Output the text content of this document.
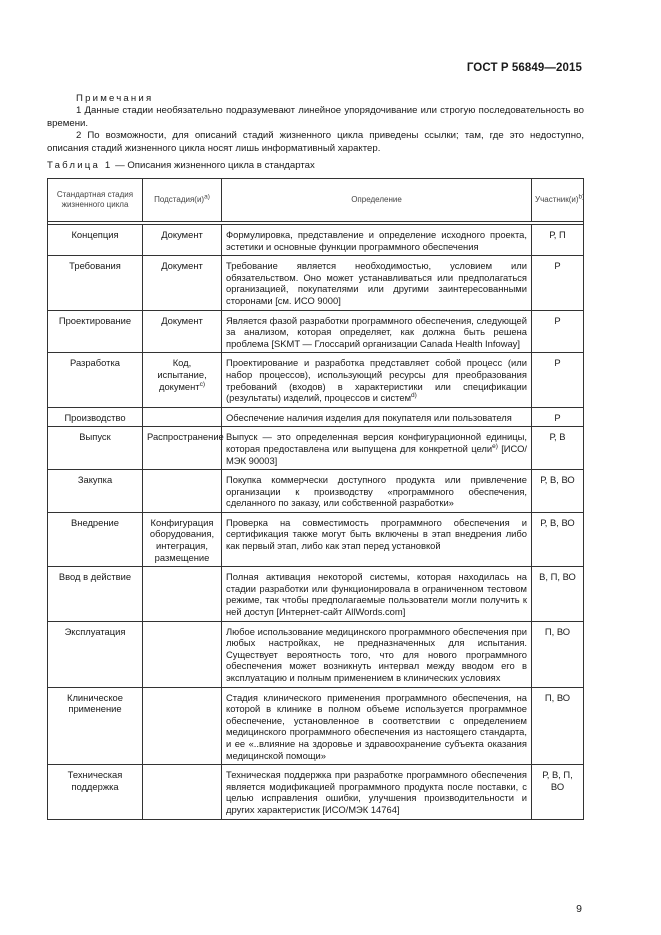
ГОСТ Р 56849—2015
Примечания

1 Данные стадии необязательно подразумевают линейное упорядочивание или строгую последовательность во времени.

2 По возможности, для описаний стадий жизненного цикла приведены ссылки; там, где это недоступно, описания стадий жизненного цикла носят лишь информативный характер.

Таблица 1 — Описания жизненного цикла в стандартах
Стандартная стадия жизненного цикла	$Подстадия(и)^{a)}$	Определение	$Участник(и)^{b)}$

Концепция	Документ	Формулировка, представление и определение исходного проекта, эстетики и основные функции программного обеспечения	Р, П
Требования	Документ	Требование является необходимостью, условием или обязательством. Оно может устанавливаться или предполагаться организацией, покупателями или другими заинтересованными сторонами [см. ИСО 9000]	Р
Проектирование	Документ	Является фазой разработки программного обеспечения, следующей за анализом, которая определяет, как должна быть решена проблема [SKMT — Глоссарий организации Canada Health Infoway]	Р
Разработка	Код, испытание, документ$^{c)}$	Проектирование и разработка представляет собой процесс (или набор процессов), использующий ресурсы для преобразования требований (входов) в характеристики или спецификации (результаты) изделий, процессов и систем$^{d)}$	Р
Производство		Обеспечение наличия изделия для покупателя или пользователя	Р
Выпуск	Распространение	Выпуск — это определенная версия конфигурационной единицы, которая предоставлена или выпущена для конкретной цели$^{e)}$ [ИСО/МЭК 90003]	Р, В
Закупка		Покупка коммерчески доступного продукта или привлечение организации к производству «программного обеспечения, сделанного по заказу, или собственной разработки»	Р, В, ВО
Внедрение	Конфигурация оборудования, интеграция, размещение	Проверка на совместимость программного обеспечения и сертификация также могут быть включены в этап внедрения либо как первый этап, либо как этап перед установкой	Р, В, ВО
Ввод в действие		Полная активация некоторой системы, которая находилась на стадии разработки или функционировала в ограниченном тестовом режиме, так чтобы предполагаемые пользователи могли получить к ней доступ [Интернет-сайт AllWords.com]	В, П, ВО
Эксплуатация		Любое использование медицинского программного обеспечения при любых настройках, не предназначенных для испытания. Существует вероятность того, что для нового программного обеспечения может возникнуть интервал между вводом его в эксплуатацию и полным применением в клинических условиях	П, ВО
Клиническое применение		Стадия клинического применения программного обеспечения, на которой в клинике в полном объеме используется программное обеспечение, установленное в соответствии с определением медицинского программного обеспечения из настоящего стандарта, и ее «..влияние на здоровье и здравоохранение субъекта оказания медицинской помощи»	П, ВО
Техническая поддержка		Техническая поддержка при разработке программного обеспечения является модификацией программного продукта после поставки, с целью исправления ошибки, улучшения производительности и других характеристик [ИСО/МЭК 14764]	Р, В, П, ВО
9
